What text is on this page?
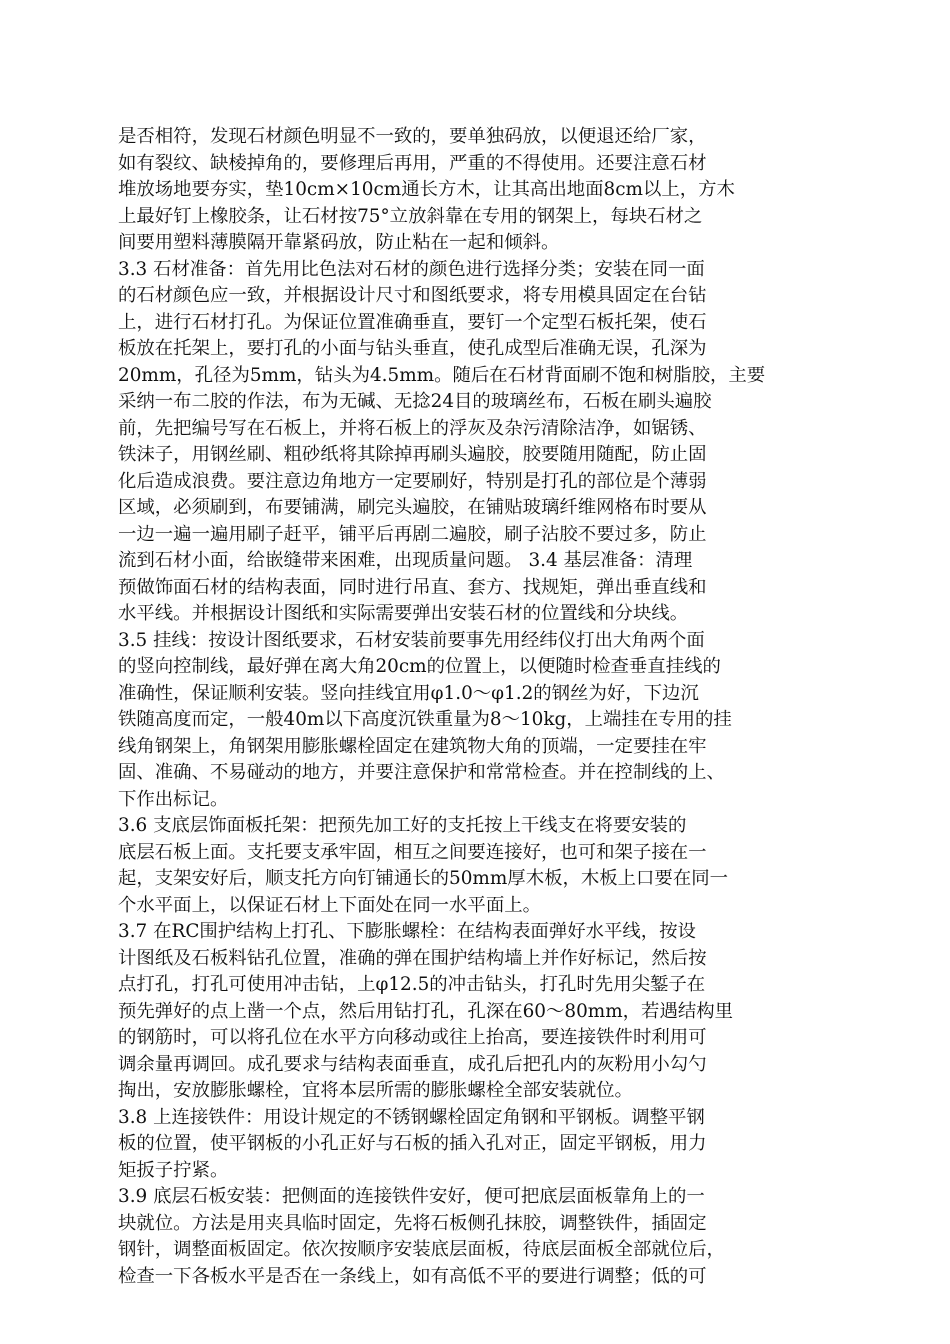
是否相符，发现石材颜色明显不一致的，要单独码放，以便退还给厂家，
如有裂纹、缺棱掉角的，要修理后再用，严重的不得使用。还要注意石材
堆放场地要夯实，垫10cm×10cm通长方木，让其高出地面8cm以上，方木
上最好钉上橡胶条，让石材按75°立放斜靠在专用的钢架上，每块石材之
间要用塑料薄膜隔开靠紧码放，防止粘在一起和倾斜。
3.3 石材准备：首先用比色法对石材的颜色进行选择分类；安装在同一面
的石材颜色应一致，并根据设计尺寸和图纸要求，将专用模具固定在台钻
上，进行石材打孔。为保证位置准确垂直，要钉一个定型石板托架，使石
板放在托架上，要打孔的小面与钻头垂直，使孔成型后准确无误，孔深为
20mm，孔径为5mm，钻头为4.5mm。随后在石材背面刷不饱和树脂胶，主要
采纳一布二胶的作法，布为无碱、无捻24目的玻璃丝布，石板在刷头遍胶
前，先把编号写在石板上，并将石板上的浮灰及杂污清除洁净，如锯锈、
铁沫子，用钢丝刷、粗砂纸将其除掉再刷头遍胶，胶要随用随配，防止固
化后造成浪费。要注意边角地方一定要刷好，特别是打孔的部位是个薄弱
区域，必须刷到，布要铺满，刷完头遍胶，在铺贴玻璃纤维网格布时要从
一边一遍一遍用刷子赶平，铺平后再剧二遍胶，刷子沾胶不要过多，防止
流到石材小面，给嵌缝带来困难，出现质量问题。 3.4 基层准备：清理
预做饰面石材的结构表面，同时进行吊直、套方、找规矩，弹出垂直线和
水平线。并根据设计图纸和实际需要弹出安装石材的位置线和分块线。
3.5 挂线：按设计图纸要求，石材安装前要事先用经纬仪打出大角两个面
的竖向控制线，最好弹在离大角20cm的位置上，以便随时检查垂直挂线的
准确性，保证顺利安装。竖向挂线宜用φ1.0～φ1.2的钢丝为好，下边沉
铁随高度而定，一般40m以下高度沉铁重量为8～10kg，上端挂在专用的挂
线角钢架上，角钢架用膨胀螺栓固定在建筑物大角的顶端，一定要挂在牢
固、准确、不易碰动的地方，并要注意保护和常常检查。并在控制线的上、
下作出标记。
3.6 支底层饰面板托架：把预先加工好的支托按上干线支在将要安装的
底层石板上面。支托要支承牢固，相互之间要连接好，也可和架子接在一
起，支架安好后，顺支托方向钉铺通长的50mm厚木板，木板上口要在同一
个水平面上，以保证石材上下面处在同一水平面上。
3.7 在RC围护结构上打孔、下膨胀螺栓：在结构表面弹好水平线，按设
计图纸及石板料钻孔位置，准确的弹在围护结构墙上并作好标记，然后按
点打孔，打孔可使用冲击钻，上φ12.5的冲击钻头，打孔时先用尖錾子在
预先弹好的点上凿一个点，然后用钻打孔，孔深在60～80mm，若遇结构里
的钢筋时，可以将孔位在水平方向移动或往上抬高，要连接铁件时利用可
调余量再调回。成孔要求与结构表面垂直，成孔后把孔内的灰粉用小勾勺
掏出，安放膨胀螺栓，宜将本层所需的膨胀螺栓全部安装就位。
3.8 上连接铁件：用设计规定的不锈钢螺栓固定角钢和平钢板。调整平钢
板的位置，使平钢板的小孔正好与石板的插入孔对正，固定平钢板，用力
矩扳子拧紧。
3.9 底层石板安装：把侧面的连接铁件安好，便可把底层面板靠角上的一
块就位。方法是用夹具临时固定，先将石板侧孔抹胶，调整铁件，插固定
钢针，调整面板固定。依次按顺序安装底层面板，待底层面板全部就位后，
检查一下各板水平是否在一条线上，如有高低不平的要进行调整；低的可
